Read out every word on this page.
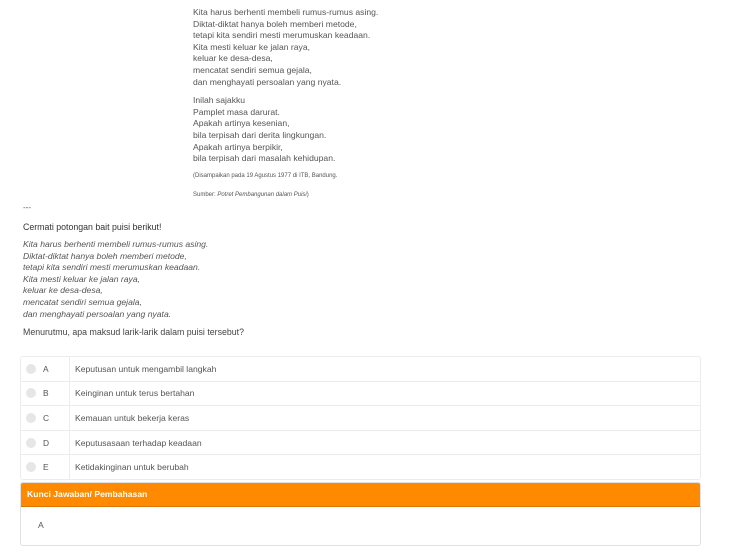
Kita harus berhenti membeli rumus-rumus asing.
Diktat-diktat hanya boleh memberi metode,
tetapi kita sendiri mesti merumuskan keadaan.
Kita mesti keluar ke jalan raya,
keluar ke desa-desa,
mencatat sendiri semua gejala,
dan menghayati persoalan yang nyata.
Inilah sajakku
Pamplet masa darurat.
Apakah artinya kesenian,
bila terpisah dari derita lingkungan.
Apakah artinya berpikir,
bila terpisah dari masalah kehidupan.
(Disampaikan pada 19 Agustus 1977 di ITB, Bandung.
Sumber: Potret Pembangunan dalam Puisi)
---
Cermati potongan bait puisi berikut!
Kita harus berhenti membeli rumus-rumus asing.
Diktat-diktat hanya boleh memberi metode,
tetapi kita sendiri mesti merumuskan keadaan.
Kita mesti keluar ke jalan raya,
keluar ke desa-desa,
mencatat sendiri semua gejala,
dan menghayati persoalan yang nyata.
Menurutmu, apa maksud larik-larik dalam puisi tersebut?
A	Keputusan untuk mengambil langkah
B	Keinginan untuk terus bertahan
C	Kemauan untuk bekerja keras
D	Keputusasaan terhadap keadaan
E	Ketidakinginan untuk berubah
Kunci Jawaban/ Pembahasan
A
